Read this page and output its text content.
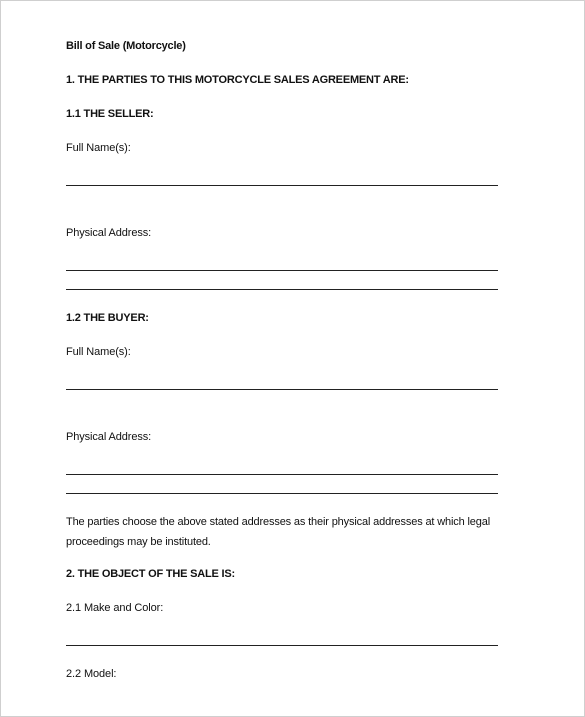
Bill of Sale (Motorcycle)
1. THE PARTIES TO THIS MOTORCYCLE SALES AGREEMENT ARE:
1.1 THE SELLER:
Full Name(s):
Physical Address:
1.2 THE BUYER:
Full Name(s):
Physical Address:
The parties choose the above stated addresses as their physical addresses at which legal proceedings may be instituted.
2. THE OBJECT OF THE SALE IS:
2.1 Make and Color:
2.2 Model:
